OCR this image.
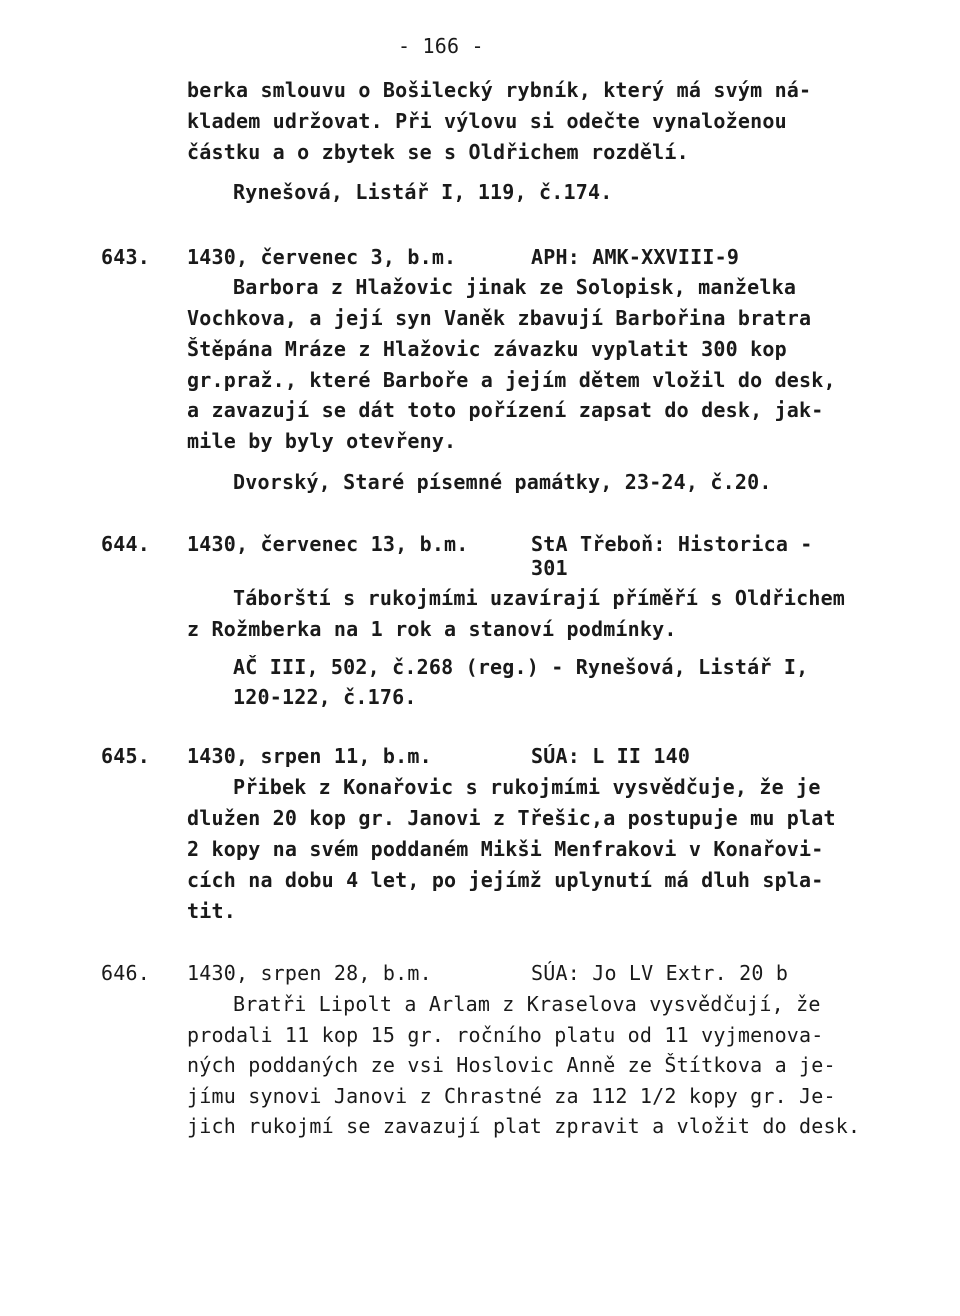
- 166 -
berka smlouvu o Bošilecký rybník, který má svým ná-
kladem udržovat. Při výlovu si odečte vynaloženou
částku a o zbytek se s Oldřichem rozdělí.
Rynešová, Listář I, 119, č.174.
643. 1430, červenec 3, b.m.	APH: AMK-XXVIII-9
Barbora z Hlažovic jinak ze Solopisk, manželka
Vochkova, a její syn Vaněk zbavují Barbořina bratra
Štěpána Mráze z Hlažovic závazku vyplatit 300 kop
gr.praž., které Barboře a jejím dětem vložil do desk,
a zavazují se dát toto pořízení zapsat do desk, jak-
mile by byly otevřeny.
Dvorský, Staré písemné památky, 23-24, č.20.
644. 1430, červenec 13, b.m.	StA Třeboň: Historica -
301
Táborští s rukojmími uzavírají příměří s Oldřichem
z Rožmberka na 1 rok a stanoví podmínky.
AČ III, 502, č.268 (reg.) - Rynešová, Listář I,
120-122, č.176.
645. 1430, srpen 11, b.m.	SÚA: L II 140
Přibek z Konařovic s rukojmími vysvědčuje, že je
dlužen 20 kop gr. Janovi z Třešic,a postupuje mu plat
2 kopy na svém poddaném Mikši Menfrakovi v Konařovi-
cích na dobu 4 let, po jejímž uplynutí má dluh spla-
tit.
646. 1430, srpen 28, b.m.	SÚA: Jo LV Extr. 20 b
Bratři Lipolt a Arlam z Kraselova vysvědčují, že
prodali 11 kop 15 gr. ročního platu od 11 vyjmenova-
ných poddaných ze vsi Hoslovic Anně ze Štítkova a je-
jímu synovi Janovi z Chrastné za 112 1/2 kopy gr. Je-
jich rukojmí se zavazují plat zpravit a vložit do desk.
